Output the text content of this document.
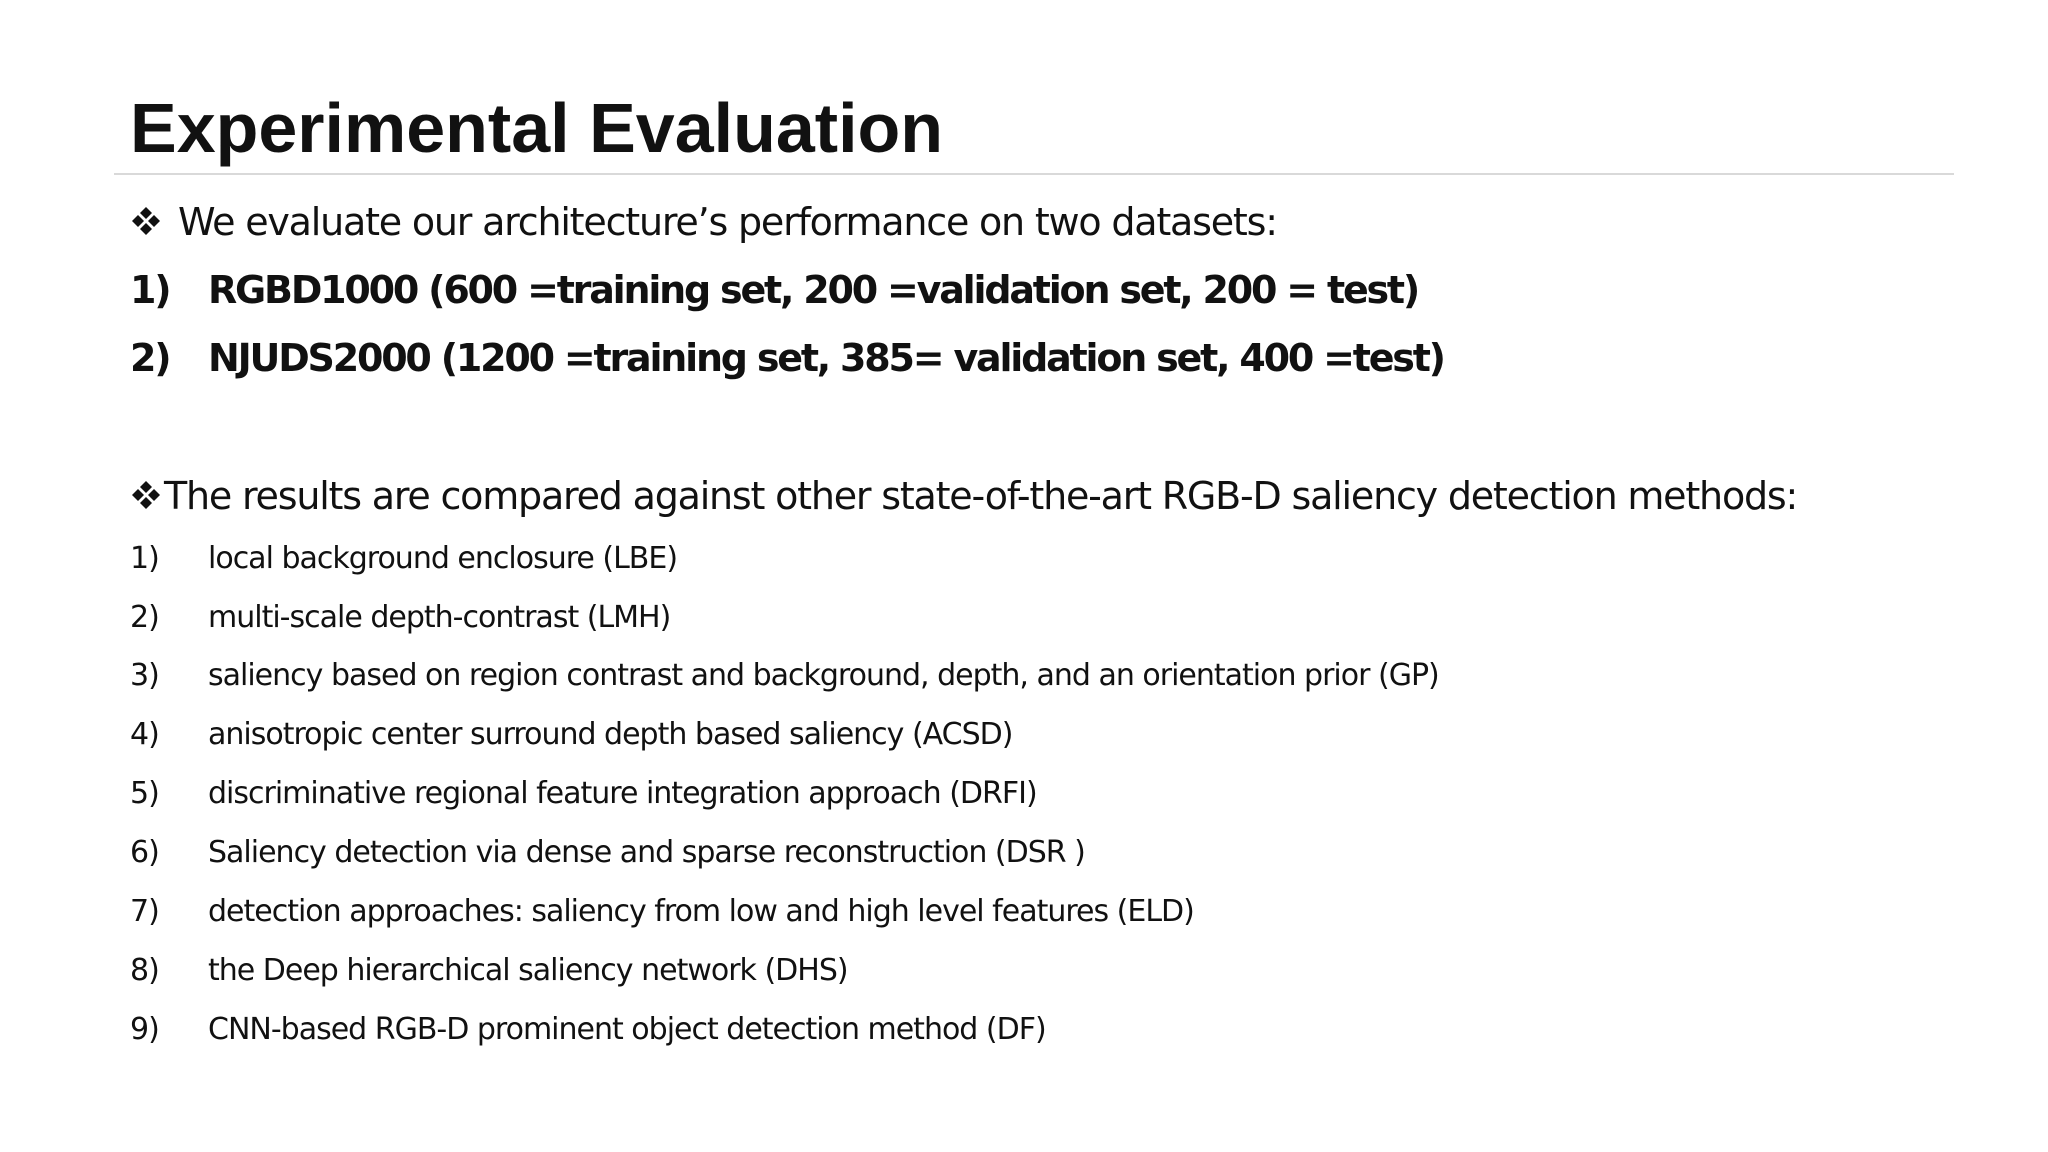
Experimental Evaluation
We evaluate our architecture’s performance on two datasets:
1) RGBD1000 (600 =training set, 200 =validation set, 200 = test)
2) NJUDS2000 (1200 =training set, 385= validation set, 400 =test)
The results are compared against other state-of-the-art RGB-D saliency detection methods:
1) local background enclosure (LBE)
2) multi-scale depth-contrast (LMH)
3) saliency based on region contrast and background, depth, and an orientation prior (GP)
4) anisotropic center surround depth based saliency (ACSD)
5) discriminative regional feature integration approach (DRFI)
6) Saliency detection via dense and sparse reconstruction (DSR )
7) detection approaches: saliency from low and high level features (ELD)
8) the Deep hierarchical saliency network (DHS)
9) CNN-based RGB-D prominent object detection method (DF)
